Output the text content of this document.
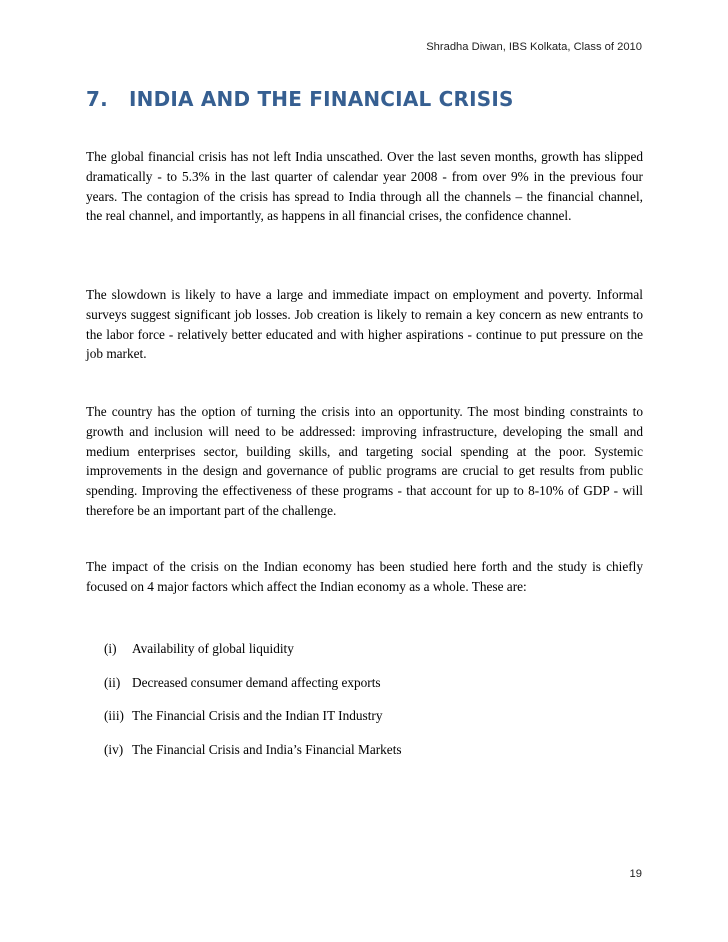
Shradha Diwan, IBS Kolkata, Class of 2010
7. INDIA AND THE FINANCIAL CRISIS

The global financial crisis has not left India unscathed. Over the last seven months, growth has slipped dramatically - to 5.3% in the last quarter of calendar year 2008 - from over 9% in the previous four years. The contagion of the crisis has spread to India through all the channels – the financial channel, the real channel, and importantly, as happens in all financial crises, the confidence channel.

The slowdown is likely to have a large and immediate impact on employment and poverty. Informal surveys suggest significant job losses. Job creation is likely to remain a key concern as new entrants to the labor force - relatively better educated and with higher aspirations - continue to put pressure on the job market.

The country has the option of turning the crisis into an opportunity. The most binding constraints to growth and inclusion will need to be addressed: improving infrastructure, developing the small and medium enterprises sector, building skills, and targeting social spending at the poor. Systemic improvements in the design and governance of public programs are crucial to get results from public spending. Improving the effectiveness of these programs - that account for up to 8-10% of GDP - will therefore be an important part of the challenge.

The impact of the crisis on the Indian economy has been studied here forth and the study is chiefly focused on 4 major factors which affect the Indian economy as a whole. These are:

(i) Availability of global liquidity
(ii) Decreased consumer demand affecting exports
(iii) The Financial Crisis and the Indian IT Industry
(iv) The Financial Crisis and India’s Financial Markets
19
